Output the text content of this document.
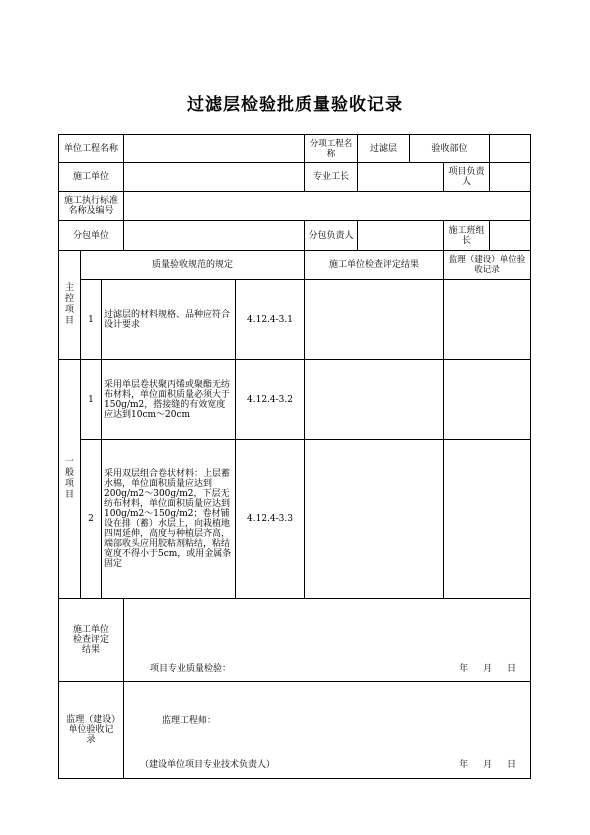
过滤层检验批质量验收记录
单位工程名称					分项工程名称	过滤层	验收部位		
施工单位					专业工长			项目负责人	
施工执行标准名称及编号									
分包单位					分包负责人			施工班组长	
主控项目	质量验收规范的规定				施工单位检查评定结果			监理（建设）单位验收记录	
	1	过滤层的材料规格、品种应符合设计要求		4.12.4-3.1					
一般项目	1	采用单层卷状聚丙烯或聚酯无纺布材料，单位面积质量必须大于150g/m2，搭接缝的有效宽度应达到10cm～20cm		4.12.4-3.2					
	2	采用双层组合卷状材料：上层蓄水棉，单位面积质量应达到200g/m2～300g/m2，下层无纺布材料，单位面积质量应达到100g/m2～150g/m2；卷材铺设在排（蓄）水层上，向栽植地四周延伸，高度与种植层齐高，端部收头应用胶粘剂粘结，粘结宽度不得小于5cm，或用金属条固定		4.12.4-3.3					
施工单位检查评定结果			项目专业质量检验： 年 月 日						

监理（建设）单位验收记录			监理工程师：
（建设单位项目专业技术负责人） 年 月 日						
